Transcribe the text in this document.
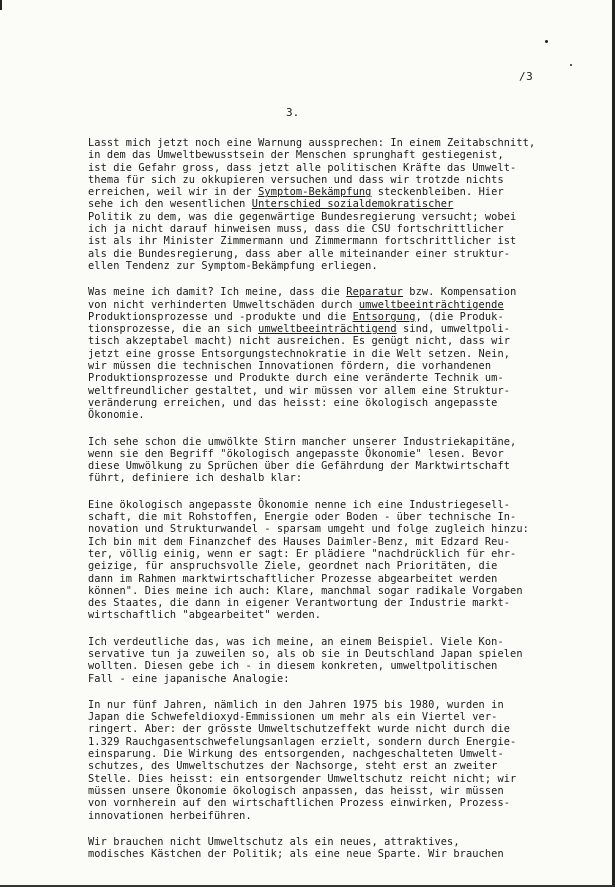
/3
3.
Lasst mich jetzt noch eine Warnung aussprechen: In einem Zeitabschnitt,
in dem das Umweltbewusstsein der Menschen sprunghaft gestiegenist,
ist die Gefahr gross, dass jetzt alle politischen Kräfte das Umwelt-
thema für sich zu okkupieren versuchen und dass wir trotzde nichts
erreichen, weil wir in der Symptom-Bekämpfung steckenbleiben. Hier
sehe ich den wesentlichen Unterschied sozialdemokratischer
Politik zu dem, was die gegenwärtige Bundesregierung versucht; wobei
ich ja nicht darauf hinweisen muss, dass die CSU fortschrittlicher
ist als ihr Minister Zimmermann und Zimmermann fortschrittlicher ist
als die Bundesregierung, dass aber alle miteinander einer struktur-
ellen Tendenz zur Symptom-Bekämpfung erliegen.
Was meine ich damit? Ich meine, dass die Reparatur bzw. Kompensation
von nicht verhinderten Umweltschäden durch umweltbeeinträchtigende
Produktionsprozesse und -produkte und die Entsorgung, (die Produk-
tionsprozesse, die an sich umweltbeeinträchtigend sind, umweltpoli-
tisch akzeptabel macht) nicht ausreichen. Es genügt nicht, dass wir
jetzt eine grosse Entsorgungstechnokratie in die Welt setzen. Nein,
wir müssen die technischen Innovationen fördern, die vorhandenen
Produktionsprozesse und Produkte durch eine veränderte Technik um-
weltfreundlicher gestaltet, und wir müssen vor allem eine Struktur-
veränderung erreichen, und das heisst: eine ökologisch angepasste
Ökonomie.
Ich sehe schon die umwölkte Stirn mancher unserer Industriekapitäne,
wenn sie den Begriff "ökologisch angepasste Ökonomie" lesen. Bevor
diese Umwölkung zu Sprüchen über die Gefährdung der Marktwirtschaft
führt, definiere ich deshalb klar:
Eine ökologisch angepasste Ökonomie nenne ich eine Industriegesell-
schaft, die mit Rohstoffen, Energie oder Boden - über technische In-
novation und Strukturwandel - sparsam umgeht und folge zugleich hinzu:
Ich bin mit dem Finanzchef des Hauses Daimler-Benz, mit Edzard Reu-
ter, völlig einig, wenn er sagt: Er plädiere "nachdrücklich für ehr-
geizige, für anspruchsvolle Ziele, geordnet nach Prioritäten, die
dann im Rahmen marktwirtschaftlicher Prozesse abgearbeitet werden
können". Dies meine ich auch: Klare, manchmal sogar radikale Vorgaben
des Staates, die dann in eigener Verantwortung der Industrie markt-
wirtschaftlich "abgearbeitet" werden.
Ich verdeutliche das, was ich meine, an einem Beispiel. Viele Kon-
servative tun ja zuweilen so, als ob sie in Deutschland Japan spielen
wollten. Diesen gebe ich - in diesem konkreten, umweltpolitischen
Fall - eine japanische Analogie:
In nur fünf Jahren, nämlich in den Jahren 1975 bis 1980, wurden in
Japan die Schwefeldioxyd-Emmissionen um mehr als ein Viertel ver-
ringert. Aber: der grösste Umweltschutzeffekt wurde nicht durch die
1.329 Rauchgasentschwefelungsanlagen erzielt, sondern durch Energie-
einsparung. Die Wirkung des entsorgenden, nachgeschalteten Umwelt-
schutzes, des Umweltschutzes der Nachsorge, steht erst an zweiter
Stelle. Dies heisst: ein entsorgender Umweltschutz reicht nicht; wir
müssen unsere Ökonomie ökologisch anpassen, das heisst, wir müssen
von vornherein auf den wirtschaftlichen Prozess einwirken, Prozess-
innovationen herbeiführen.
Wir brauchen nicht Umweltschutz als ein neues, attraktives,
modisches Kästchen der Politik; als eine neue Sparte. Wir brauchen
